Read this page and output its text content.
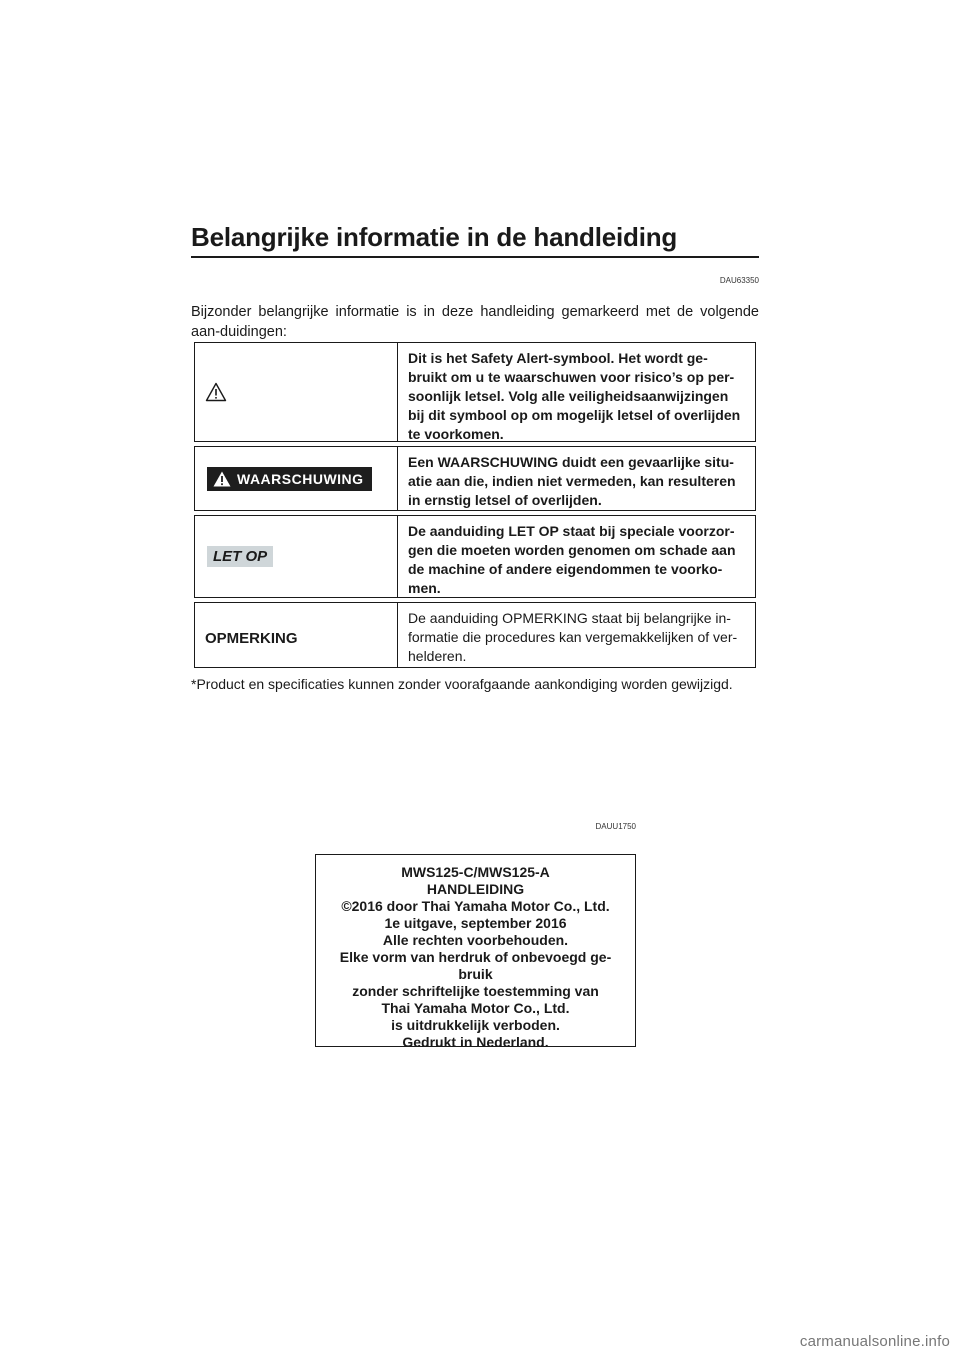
Belangrijke informatie in de handleiding
DAU63350

Bijzonder belangrijke informatie is in deze handleiding gemarkeerd met de volgende aan-duidingen:

Dit is het Safety Alert-symbool. Het wordt ge-bruikt om u te waarschuwen voor risico’s op per-soonlijk letsel. Volg alle veiligheidsaanwijzingen bij dit symbool op om mogelijk letsel of overlijden te voorkomen.
WAARSCHUWING
Een WAARSCHUWING duidt een gevaarlijke situ-atie aan die, indien niet vermeden, kan resulteren in ernstig letsel of overlijden.
LET OP
De aanduiding LET OP staat bij speciale voorzor-gen die moeten worden genomen om schade aan de machine of andere eigendommen te voorko-men.
OPMERKING
De aanduiding OPMERKING staat bij belangrijke in-formatie die procedures kan vergemakkelijken of ver-helderen.

*Product en specificaties kunnen zonder voorafgaande aankondiging worden gewijzigd.

DAUU1750
MWS125-C/MWS125-A
HANDLEIDING
©2016 door Thai Yamaha Motor Co., Ltd.
1e uitgave, september 2016
Alle rechten voorbehouden.
Elke vorm van herdruk of onbevoegd ge-
bruik
zonder schriftelijke toestemming van
Thai Yamaha Motor Co., Ltd.
is uitdrukkelijk verboden.
Gedrukt in Nederland.
carmanualsonline.info
